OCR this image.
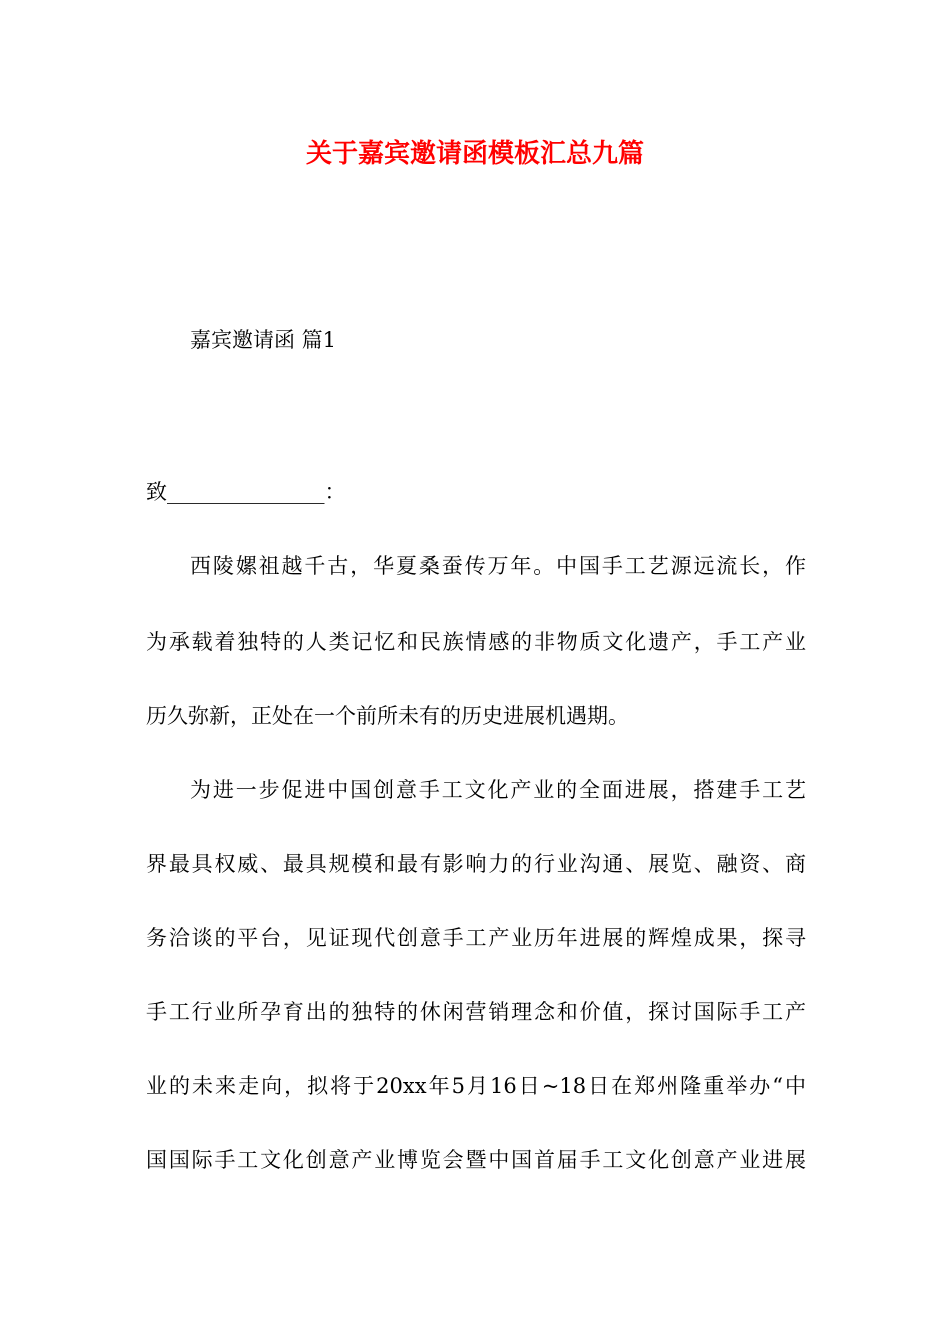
关于嘉宾邀请函模板汇总九篇
嘉宾邀请函 篇1
致_______________：
西陵嫘祖越千古，华夏桑蚕传万年。中国手工艺源远流长，作
为承载着独特的人类记忆和民族情感的非物质文化遗产，手工产业
历久弥新，正处在一个前所未有的历史进展机遇期。
为进一步促进中国创意手工文化产业的全面进展，搭建手工艺
界最具权威、最具规模和最有影响力的行业沟通、展览、融资、商
务洽谈的平台，见证现代创意手工产业历年进展的辉煌成果，探寻
手工行业所孕育出的独特的休闲营销理念和价值，探讨国际手工产
业的未来走向，拟将于20xx年5月16日~18日在郑州隆重举办“中
国国际手工文化创意产业博览会暨中国首届手工文化创意产业进展
